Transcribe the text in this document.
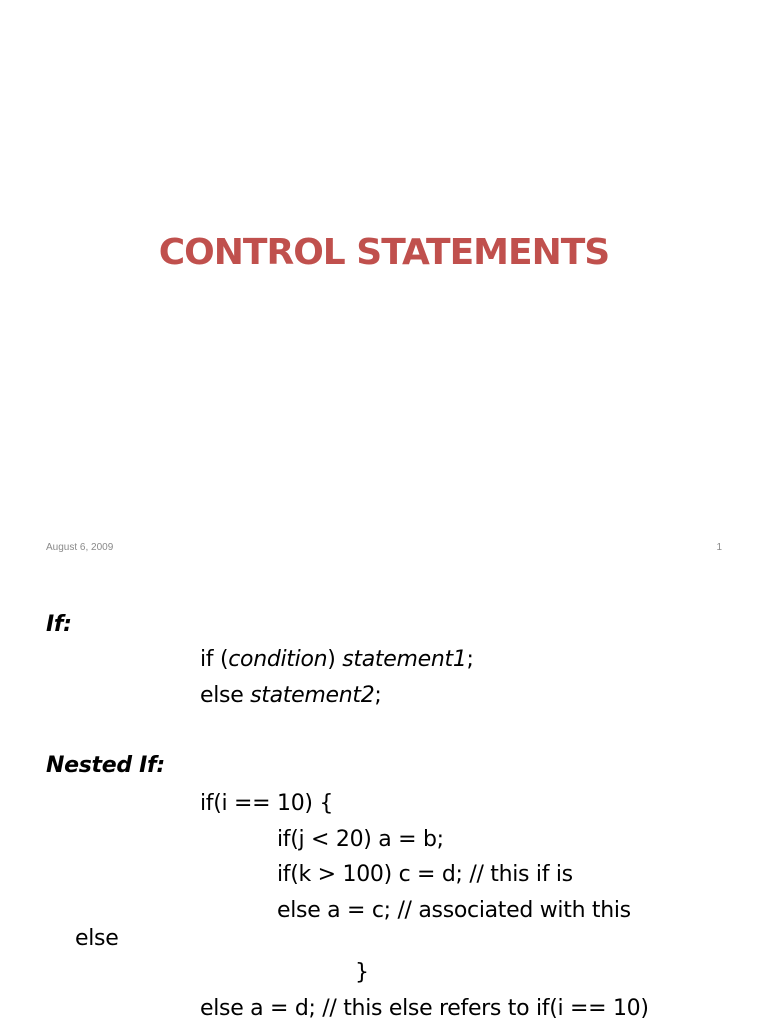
CONTROL STATEMENTS
August 6, 2009	1
If:
if (condition) statement1;
else statement2;
Nested If:
if(i == 10) {
if(j < 20) a = b;
if(k > 100) c = d; // this if is
else a = c; // associated with this
else
}
else a = d; // this else refers to if(i == 10)
